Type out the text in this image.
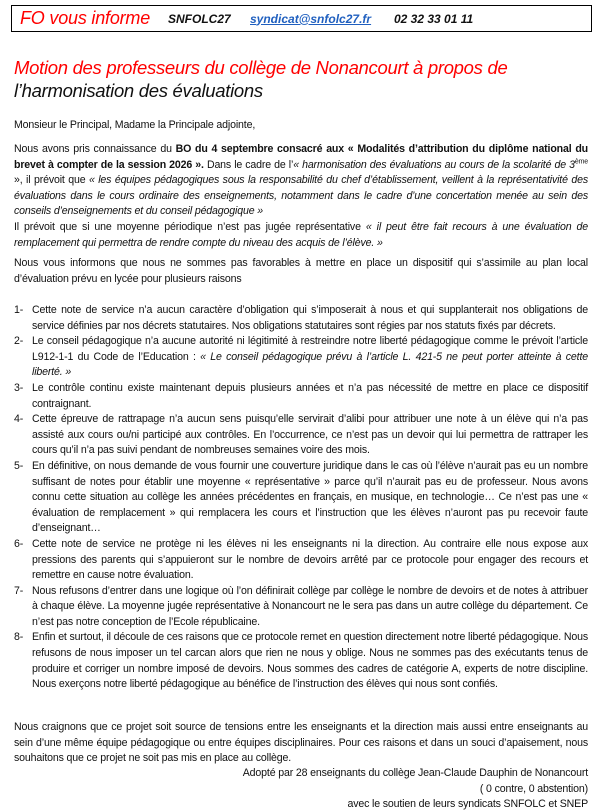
FO vous informe	SNFOLC27	syndicat@snfolc27.fr	02 32 33 01 11
Motion des professeurs du collège de Nonancourt à propos de
l’harmonisation des évaluations
Monsieur le Principal, Madame la Principale adjointe,
Nous avons pris connaissance du BO du 4 septembre consacré aux « Modalités d’attribution du diplôme national du brevet à compter de la session 2026 ». Dans le cadre de l’« harmonisation des évaluations au cours de la scolarité de 3ème », il prévoit que « les équipes pédagogiques sous la responsabilité du chef d’établissement, veillent à la représentativité des évaluations dans le cours ordinaire des enseignements, notamment dans le cadre d’une concertation menée au sein des conseils d’enseignements et du conseil pédagogique »
Il prévoit que si une moyenne périodique n’est pas jugée représentative « il peut être fait recours à une évaluation de remplacement qui permettra de rendre compte du niveau des acquis de l’élève. »
Nous vous informons que nous ne sommes pas favorables à mettre en place un dispositif qui s’assimile au plan local d’évaluation prévu en lycée pour plusieurs raisons
1- Cette note de service n’a aucun caractère d’obligation qui s’imposerait à nous et qui supplanterait nos obligations de service définies par nos décrets statutaires. Nos obligations statutaires sont régies par nos statuts fixés par décrets.
2- Le conseil pédagogique n’a aucune autorité ni légitimité à restreindre notre liberté pédagogique comme le prévoit l’article L912-1-1 du Code de l’Education : « Le conseil pédagogique prévu à l’article L. 421-5 ne peut porter atteinte à cette liberté. »
3- Le contrôle continu existe maintenant depuis plusieurs années et n’a pas nécessité de mettre en place ce dispositif contraignant.
4- Cette épreuve de rattrapage n’a aucun sens puisqu’elle servirait d’alibi pour attribuer une note à un élève qui n’a pas assisté aux cours ou/ni participé aux contrôles. En l’occurrence, ce n’est pas un devoir qui lui permettra de rattraper les cours qu’il n’a pas suivi pendant de nombreuses semaines voire des mois.
5- En définitive, on nous demande de vous fournir une couverture juridique dans le cas où l’élève n’aurait pas eu un nombre suffisant de notes pour établir une moyenne « représentative » parce qu’il n’aurait pas eu de professeur. Nous avons connu cette situation au collège les années précédentes en français, en musique, en technologie… Ce n’est pas une « évaluation de remplacement » qui remplacera les cours et l’instruction que les élèves n’auront pas pu recevoir faute d’enseignant…
6- Cette note de service ne protège ni les élèves ni les enseignants ni la direction. Au contraire elle nous expose aux pressions des parents qui s’appuieront sur le nombre de devoirs arrêté par ce protocole pour engager des recours et remettre en cause notre évaluation.
7- Nous refusons d’entrer dans une logique où l’on définirait collège par collège le nombre de devoirs et de notes à attribuer à chaque élève. La moyenne jugée représentative à Nonancourt ne le sera pas dans un autre collège du département. Ce n’est pas notre conception de l’Ecole républicaine.
8- Enfin et surtout, il découle de ces raisons que ce protocole remet en question directement notre liberté pédagogique. Nous refusons de nous imposer un tel carcan alors que rien ne nous y oblige. Nous ne sommes pas des exécutants tenus de produire et corriger un nombre imposé de devoirs. Nous sommes des cadres de catégorie A, experts de notre discipline. Nous exerçons notre liberté pédagogique au bénéfice de l’instruction des élèves qui nous sont confiés.
Nous craignons que ce projet soit source de tensions entre les enseignants et la direction mais aussi entre enseignants au sein d’une même équipe pédagogique ou entre équipes disciplinaires. Pour ces raisons et dans un souci d’apaisement, nous souhaitons que ce projet ne soit pas mis en place au collège.
Adopté par 28 enseignants du collège Jean-Claude Dauphin de Nonancourt
( 0 contre, 0 abstention)
avec le soutien de leurs syndicats SNFOLC et SNEP
